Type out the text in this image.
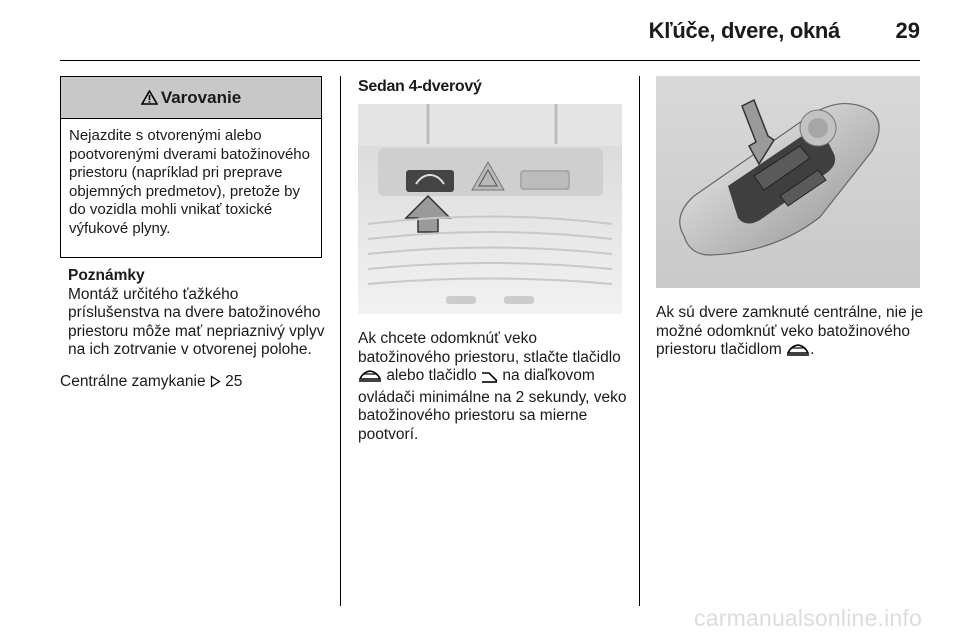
Kľúče, dvere, okná	29
Varovanie
Nejazdite s otvorenými alebo pootvorenými dverami batožinového priestoru (napríklad pri preprave objemných predmetov), pretože by do vozidla mohli vnikať toxické výfukové plyny.
Poznámky
Montáž určitého ťažkého príslušenstva na dvere batožinového priestoru môže mať nepriaznivý vplyv na ich zotrvanie v otvorenej polohe.
Centrálne zamykanie 25
Sedan 4-dverový
Ak chcete odomknúť veko batožinového priestoru, stlačte tlačidlo  alebo tlačidlo na diaľkovom ovládači minimálne na 2 sekundy, veko batožinového priestoru sa mierne pootvorí.
Ak sú dvere zamknuté centrálne, nie je možné odomknúť veko batožinového priestoru tlačidlom .
carmanualsonline.info
